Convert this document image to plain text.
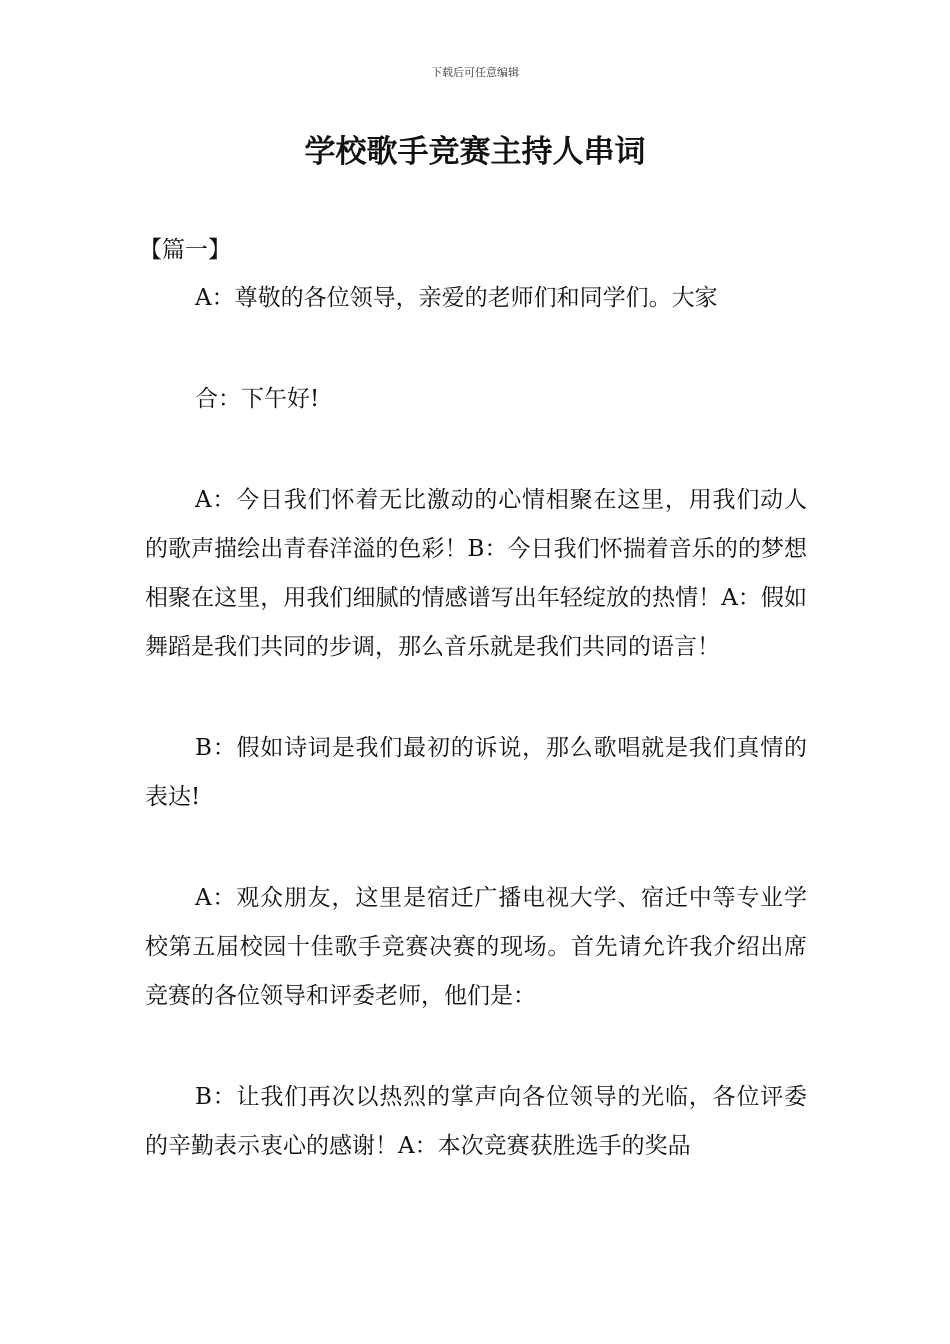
下载后可任意编辑
学校歌手竞赛主持人串词

【篇一】

A：尊敬的各位领导，亲爱的老师们和同学们。大家

合：下午好!

A：今日我们怀着无比激动的心情相聚在这里，用我们动人的歌声描绘出青春洋溢的色彩！B：今日我们怀揣着音乐的的梦想相聚在这里，用我们细腻的情感谱写出年轻绽放的热情！A：假如舞蹈是我们共同的步调，那么音乐就是我们共同的语言！

B：假如诗词是我们最初的诉说，那么歌唱就是我们真情的表达!

A：观众朋友，这里是宿迁广播电视大学、宿迁中等专业学校第五届校园十佳歌手竞赛决赛的现场。首先请允许我介绍出席竞赛的各位领导和评委老师，他们是：

B：让我们再次以热烈的掌声向各位领导的光临，各位评委的辛勤表示衷心的感谢！A：本次竞赛获胜选手的奖品
